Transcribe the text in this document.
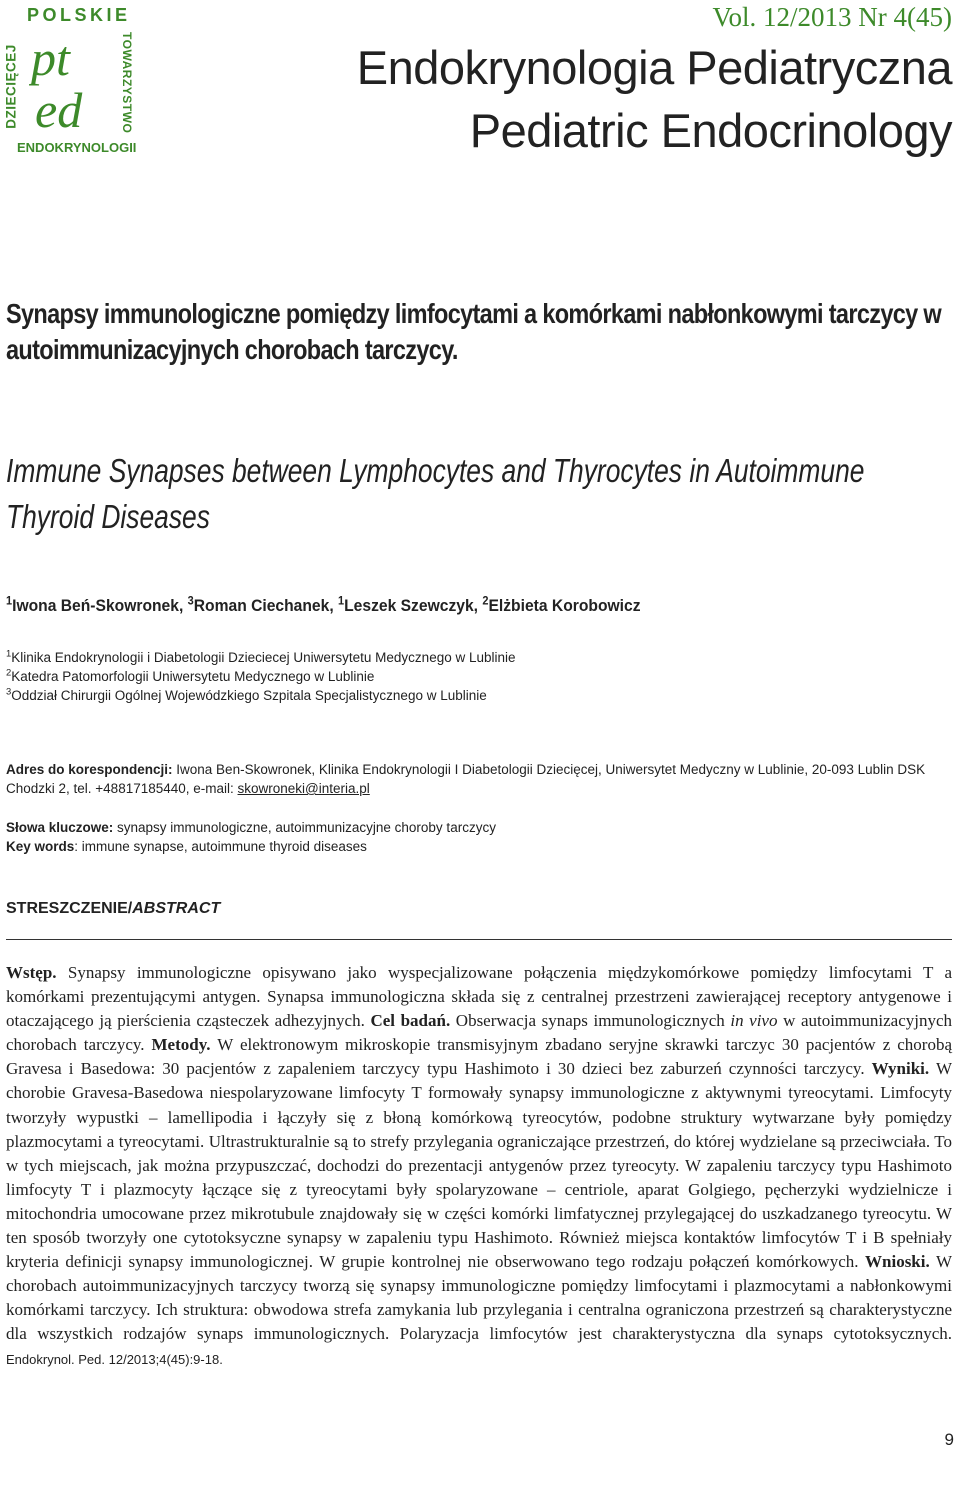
POLSKIE
DZIECIĘCEJ	TOWARZYSTWO
pt
ed
ENDOKRYNOLOGII
Vol. 12/2013 Nr 4(45)
Endokrynologia Pediatryczna
Pediatric Endocrinology
Synapsy immunologiczne pomiędzy limfocytami a komórkami nabłonkowymi tarczycy w autoimmunizacyjnych chorobach tarczycy.
Immune Synapses between Lymphocytes and Thyrocytes in Autoimmune Thyroid Diseases
$^1$Iwona Beń-Skowronek, $^3$Roman Ciechanek, $^1$Leszek Szewczyk, $^2$Elżbieta Korobowicz
$^1$Klinika Endokrynologii i Diabetologii Dzieciecej Uniwersytetu Medycznego w Lublinie
$^2$Katedra Patomorfologii Uniwersytetu Medycznego w Lublinie
$^3$Oddział Chirurgii Ogólnej Wojewódzkiego Szpitala Specjalistycznego w Lublinie
Adres do korespondencji: Iwona Ben-Skowronek, Klinika Endokrynologii I Diabetologii Dziecięcej, Uniwersytet Medyczny w Lublinie, 20-093 Lublin DSK Chodzki 2, tel. +48817185440, e-mail: skowroneki@interia.pl
Słowa kluczowe: synapsy immunologiczne, autoimmunizacyjne choroby tarczycy
Key words: immune synapse, autoimmune thyroid diseases
STRESZCZENIE/ABSTRACT
Wstęp. Synapsy immunologiczne opisywano jako wyspecjalizowane połączenia międzykomórkowe pomiędzy limfocytami T a komórkami prezentującymi antygen. Synapsa immunologiczna składa się z centralnej przestrzeni zawierającej receptory antygenowe i otaczającego ją pierścienia cząsteczek adhezyjnych. Cel badań. Obserwacja synaps immunologicznych in vivo w autoimmunizacyjnych chorobach tarczycy. Metody. W elektronowym mikroskopie transmisyjnym zbadano seryjne skrawki tarczyc 30 pacjentów z chorobą Gravesa i Basedowa: 30 pacjentów z zapaleniem tarczycy typu Hashimoto i 30 dzieci bez zaburzeń czynności tarczycy. Wyniki. W chorobie Gravesa-Basedowa niespolaryzowane limfocyty T formowały synapsy immunologiczne z aktywnymi tyreocytami. Limfocyty tworzyły wypustki – lamellipodia i łączyły się z błoną komórkową tyreocytów, podobne struktury wytwarzane były pomiędzy plazmocytami a tyreocytami. Ultrastrukturalnie są to strefy przylegania ograniczające przestrzeń, do której wydzielane są przeciwciała. To w tych miejscach, jak można przypuszczać, dochodzi do prezentacji antygenów przez tyreocyty. W zapaleniu tarczycy typu Hashimoto limfocyty T i plazmocyty łączące się z tyreocytami były spolaryzowane – centriole, aparat Golgiego, pęcherzyki wydzielnicze i mitochondria umocowane przez mikrotubule znajdowały się w części komórki limfatycznej przylegającej do uszkadzanego tyreocytu. W ten sposób tworzyły one cytotoksyczne synapsy w zapaleniu typu Hashimoto. Również miejsca kontaktów limfocytów T i B spełniały kryteria definicji synapsy immunologicznej. W grupie kontrolnej nie obserwowano tego rodzaju połączeń komórkowych. Wnioski. W chorobach autoimmunizacyjnych tarczycy tworzą się synapsy immunologiczne pomiędzy limfocytami i plazmocytami a nabłonkowymi komórkami tarczycy. Ich struktura: obwodowa strefa zamykania lub przylegania i centralna ograniczona przestrzeń są charakterystyczne dla wszystkich rodzajów synaps immunologicznych. Polaryzacja limfocytów jest charakterystyczna dla synaps cytotoksycznych. Endokrynol. Ped. 12/2013;4(45):9-18.
9
